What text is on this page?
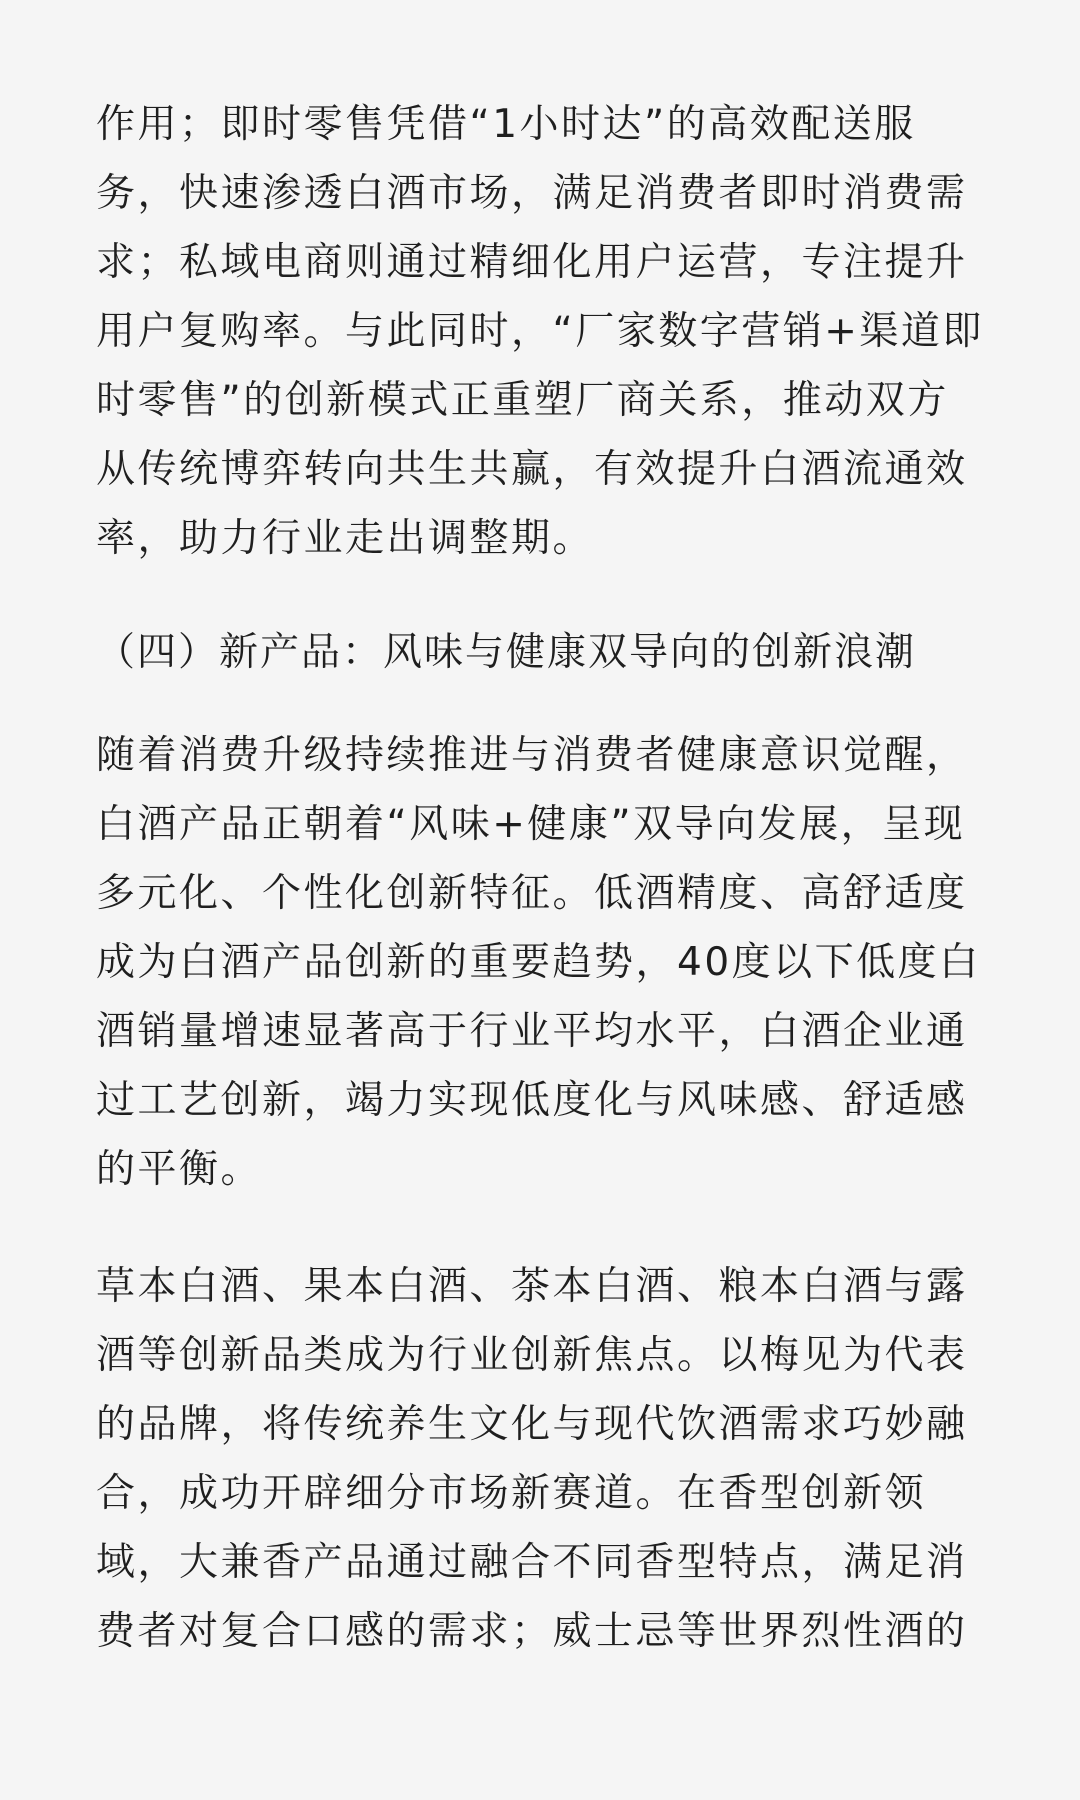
作用；即时零售凭借“1小时达”的高效配送服
务，快速渗透白酒市场，满足消费者即时消费需
求；私域电商则通过精细化用户运营，专注提升
用户复购率。与此同时，“厂家数字营销+渠道即
时零售”的创新模式正重塑厂商关系，推动双方
从传统博弈转向共生共赢，有效提升白酒流通效
率，助力行业走出调整期。
（四）新产品：风味与健康双导向的创新浪潮
随着消费升级持续推进与消费者健康意识觉醒，
白酒产品正朝着“风味+健康”双导向发展，呈现
多元化、个性化创新特征。低酒精度、高舒适度
成为白酒产品创新的重要趋势，40度以下低度白
酒销量增速显著高于行业平均水平，白酒企业通
过工艺创新，竭力实现低度化与风味感、舒适感
的平衡。
草本白酒、果本白酒、茶本白酒、粮本白酒与露
酒等创新品类成为行业创新焦点。以梅见为代表
的品牌，将传统养生文化与现代饮酒需求巧妙融
合，成功开辟细分市场新赛道。在香型创新领
域，大兼香产品通过融合不同香型特点，满足消
费者对复合口感的需求；威士忌等世界烈性酒的
